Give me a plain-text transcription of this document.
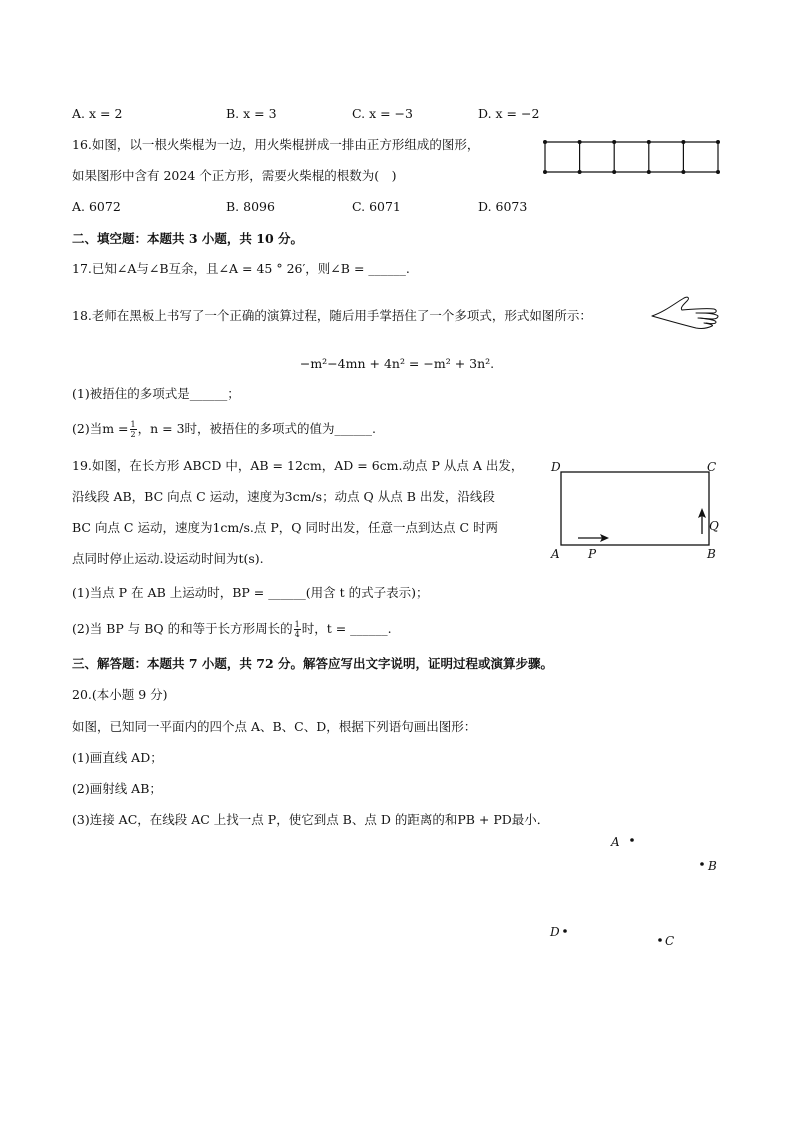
A. x = 2	B. x = 3	C. x = −3	D. x = −2
16.如图，以一根火柴棍为一边，用火柴棍拼成一排由正方形组成的图形，
如果图形中含有 2024 个正方形，需要火柴棍的根数为(　)
A. 6072	B. 8096	C. 6071	D. 6073
二、填空题：本题共 3 小题，共 10 分。
17.已知∠A与∠B互余，且∠A = 45 ° 26′，则∠B = ______.
18.老师在黑板上书写了一个正确的演算过程，随后用手掌捂住了一个多项式，形式如图所示：
−m²−4mn + 4n² = −m² + 3n².
(1)被捂住的多项式是______；
(2)当$m = \frac{1}{2}$ ，n = 3时，被捂住的多项式的值为______.
19.如图，在长方形 ABCD 中，AB = 12cm，AD = 6cm.动点 P 从点 A 出发，
沿线段 AB，BC 向点 C 运动，速度为3cm/s；动点 Q 从点 B 出发，沿线段
BC 向点 C 运动，速度为1cm/s.点 P，Q 同时出发，任意一点到达点 C 时两
点同时停止运动.设运动时间为t(s).
D	C
A P	B
Q
(1)当点 P 在 AB 上运动时，BP = ______(用含 t 的式子表示)；
(2)当 BP 与 BQ 的和等于长方形周长的 $\frac{1}{4}$ 时，t = ______.
三、解答题：本题共 7 小题，共 72 分。解答应写出文字说明，证明过程或演算步骤。
20.(本小题 9 分)
如图，已知同一平面内的四个点 A、B、C、D，根据下列语句画出图形：
(1)画直线 AD；
(2)画射线 AB；
(3)连接 AC，在线段 AC 上找一点 P，使它到点 B、点 D 的距离的和PB + PD最小．
A
B
D
C
